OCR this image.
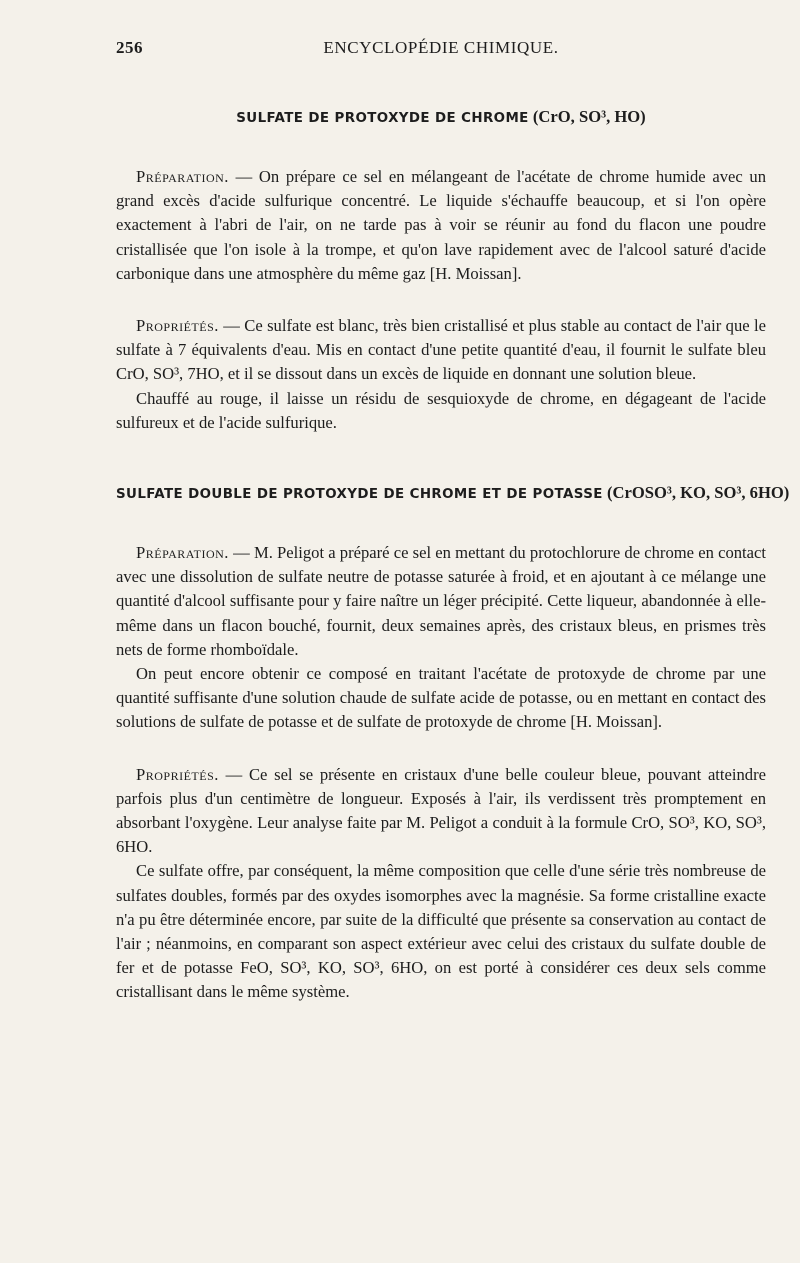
256	ENCYCLOPÉDIE CHIMIQUE.
SULFATE DE PROTOXYDE DE CHROME (CrO, SO³, HO)

Préparation. — On prépare ce sel en mélangeant de l'acétate de chrome humide avec un grand excès d'acide sulfurique concentré. Le liquide s'échauffe beaucoup, et si l'on opère exactement à l'abri de l'air, on ne tarde pas à voir se réunir au fond du flacon une poudre cristallisée que l'on isole à la trompe, et qu'on lave rapidement avec de l'alcool saturé d'acide carbonique dans une atmosphère du même gaz [H. Moissan].

Propriétés. — Ce sulfate est blanc, très bien cristallisé et plus stable au contact de l'air que le sulfate à 7 équivalents d'eau. Mis en contact d'une petite quantité d'eau, il fournit le sulfate bleu CrO, SO³, 7HO, et il se dissout dans un excès de liquide en donnant une solution bleue.

Chauffé au rouge, il laisse un résidu de sesquioxyde de chrome, en dégageant de l'acide sulfureux et de l'acide sulfurique.

SULFATE DOUBLE DE PROTOXYDE DE CHROME ET DE POTASSE (CrOSO³, KO, SO³, 6HO)

Préparation. — M. Peligot a préparé ce sel en mettant du protochlorure de chrome en contact avec une dissolution de sulfate neutre de potasse saturée à froid, et en ajoutant à ce mélange une quantité d'alcool suffisante pour y faire naître un léger précipité. Cette liqueur, abandonnée à elle-même dans un flacon bouché, fournit, deux semaines après, des cristaux bleus, en prismes très nets de forme rhomboïdale.

On peut encore obtenir ce composé en traitant l'acétate de protoxyde de chrome par une quantité suffisante d'une solution chaude de sulfate acide de potasse, ou en mettant en contact des solutions de sulfate de potasse et de sulfate de protoxyde de chrome [H. Moissan].

Propriétés. — Ce sel se présente en cristaux d'une belle couleur bleue, pouvant atteindre parfois plus d'un centimètre de longueur. Exposés à l'air, ils verdissent très promptement en absorbant l'oxygène. Leur analyse faite par M. Peligot a conduit à la formule CrO, SO³, KO, SO³, 6HO.

Ce sulfate offre, par conséquent, la même composition que celle d'une série très nombreuse de sulfates doubles, formés par des oxydes isomorphes avec la magnésie. Sa forme cristalline exacte n'a pu être déterminée encore, par suite de la difficulté que présente sa conservation au contact de l'air ; néanmoins, en comparant son aspect extérieur avec celui des cristaux du sulfate double de fer et de potasse FeO, SO³, KO, SO³, 6HO, on est porté à considérer ces deux sels comme cristallisant dans le même système.
